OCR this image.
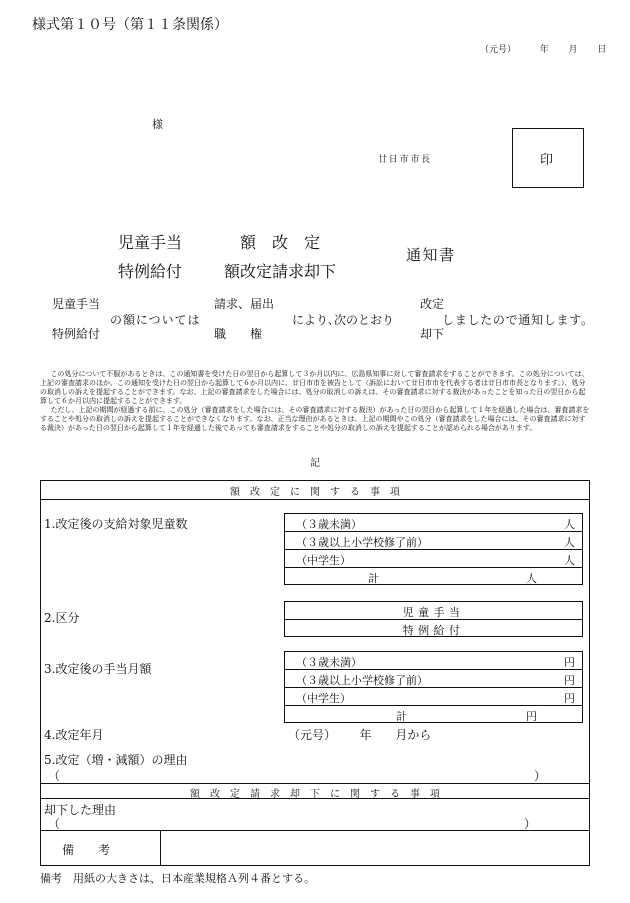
様式第１０号（第１１条関係）
（元号）	年 月 日
様
廿日市市長	印
児童手当	額　改　定
特例給付	額改定請求却下
通知書
児童手当
特例給付
の額については
請求、届出
職　　権
により､次のとおり
改定
却下
しましたので通知します。

この処分について不服があるときは、この通知書を受けた日の翌日から起算して３か月以内に、広島県知事に対して審査請求をすることができます。この処分については、上記の審査請求のほか、この通知を受けた日の翌日から起算して６か月以内に、廿日市市を被告として（訴訟において廿日市市を代表する者は廿日市市長となります。）、処分の取消しの訴えを提起することができます。なお、上記の審査請求をした場合には、処分の取消しの訴えは、その審査請求に対する裁決があったことを知った日の翌日から起算して６か月以内に提起することができます。

ただし、上記の期間が経過する前に、この処分（審査請求をした場合には、その審査請求に対する裁決）があった日の翌日から起算して１年を経過した場合は、審査請求をすることや処分の取消しの訴えを提起することができなくなります。なお、正当な理由があるときは、上記の期間やこの処分（審査請求をした場合には、その審査請求に対する裁決）があった日の翌日から起算して１年を経過した後であっても審査請求をすることや処分の取消しの訴えを提起することが認められる場合があります。

記
額　改　定　に　関　す　る　事　項
1.改定後の支給対象児童数	（３歳未満）	人
（３歳以上小学校修了前）	人
（中学生）	人
計	人
2.区分	児童手当
特例給付
3.改定後の手当月額	（３歳未満）	円
（３歳以上小学校修了前）	円
（中学生）	円
計	円
4.改定年月	（元号） 年 月から
5.改定（増・減額）の理由
（	）
額　改　定　請　求　却　下　に　関　す　る　事　項
却下した理由
（	）
備　　考
備考　用紙の大きさは、日本産業規格Ａ列４番とする。
